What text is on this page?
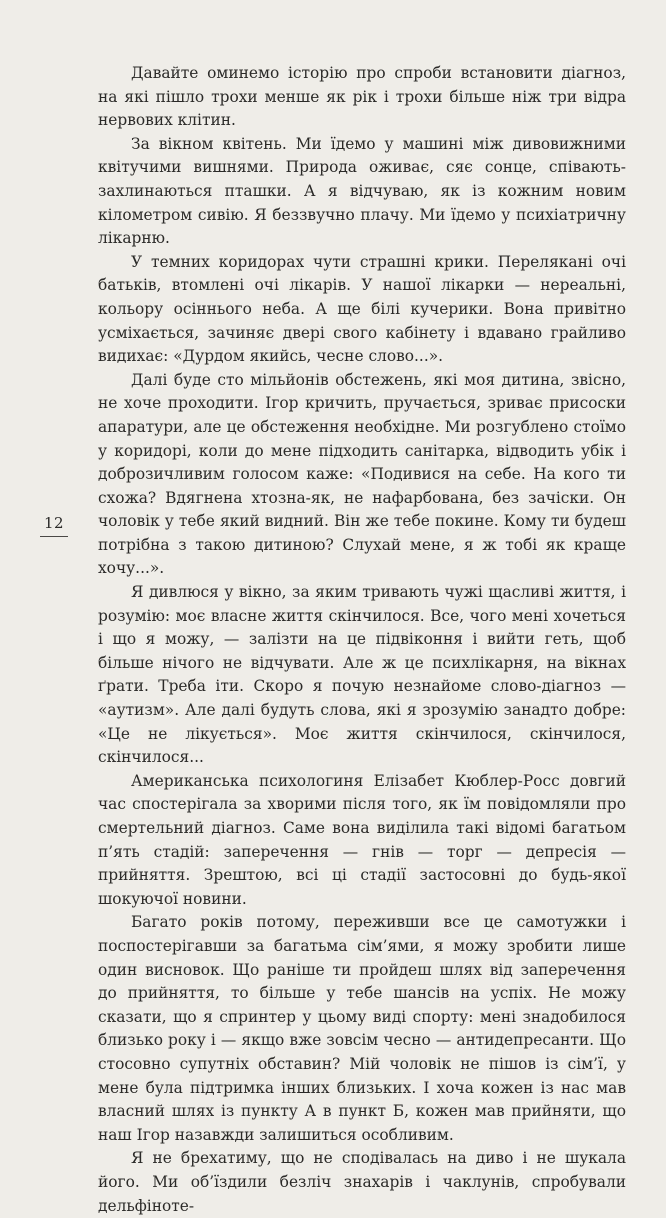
12

Давайте оминемо історію про спроби встановити діагноз, на які пішло трохи менше як рік і трохи більше ніж три відра нервових клітин.

За вікном квітень. Ми їдемо у машині між дивовижними квітучими вишнями. Природа оживає, сяє сонце, співають-захлинаються пташки. А я відчуваю, як із кожним новим кілометром сивію. Я беззвучно плачу. Ми їдемо у психіатричну лікарню.

У темних коридорах чути страшні крики. Перелякані очі батьків, втомлені очі лікарів. У нашої лікарки — нереальні, кольору осіннього неба. А ще білі кучерики. Вона привітно усміхається, зачиняє двері свого кабінету і вдавано грайливо видихає: «Дурдом якийсь, чесне слово...».

Далі буде сто мільйонів обстежень, які моя дитина, звісно, не хоче проходити. Ігор кричить, пручається, зриває присоски апаратури, але це обстеження необхідне. Ми розгублено стоїмо у коридорі, коли до мене підходить санітарка, відводить убік і доброзичливим голосом каже: «Подивися на себе. На кого ти схожа? Вдягнена хтозна-як, не нафарбована, без зачіски. Он чоловік у тебе який видний. Він же тебе покине. Кому ти будеш потрібна з такою дитиною? Слухай мене, я ж тобі як краще хочу...».

Я дивлюся у вікно, за яким тривають чужі щасливі життя, і розумію: моє власне життя скінчилося. Все, чого мені хочеться і що я можу, — залізти на це підвіконня і вийти геть, щоб більше нічого не відчувати. Але ж це психлікарня, на вікнах ґрати. Треба іти. Скоро я почую незнайоме слово-діагноз — «аутизм». Але далі будуть слова, які я зрозумію занадто добре: «Це не лікується». Моє життя скінчилося, скінчилося, скінчилося...

Американська психологиня Елізабет Кюблер-Росс довгий час спостерігала за хворими після того, як їм повідомляли про смертельний діагноз. Саме вона виділила такі відомі багатьом п’ять стадій: заперечення — гнів — торг — депресія — прийняття. Зрештою, всі ці стадії застосовні до будь-якої шокуючої новини.

Багато років потому, переживши все це самотужки і поспостерігавши за багатьма сім’ями, я можу зробити лише один висновок. Що раніше ти пройдеш шлях від заперечення до прийняття, то більше у тебе шансів на успіх. Не можу сказати, що я спринтер у цьому виді спорту: мені знадобилося близько року і — якщо вже зовсім чесно — антидепресанти. Що стосовно супутніх обставин? Мій чоловік не пішов із сім’ї, у мене була підтримка інших близьких. І хоча кожен із нас мав власний шлях із пункту А в пункт Б, кожен мав прийняти, що наш Ігор назавжди залишиться особливим.

Я не брехатиму, що не сподівалась на диво і не шукала його. Ми об’їздили безліч знахарів і чаклунів, спробували дельфіноте-
